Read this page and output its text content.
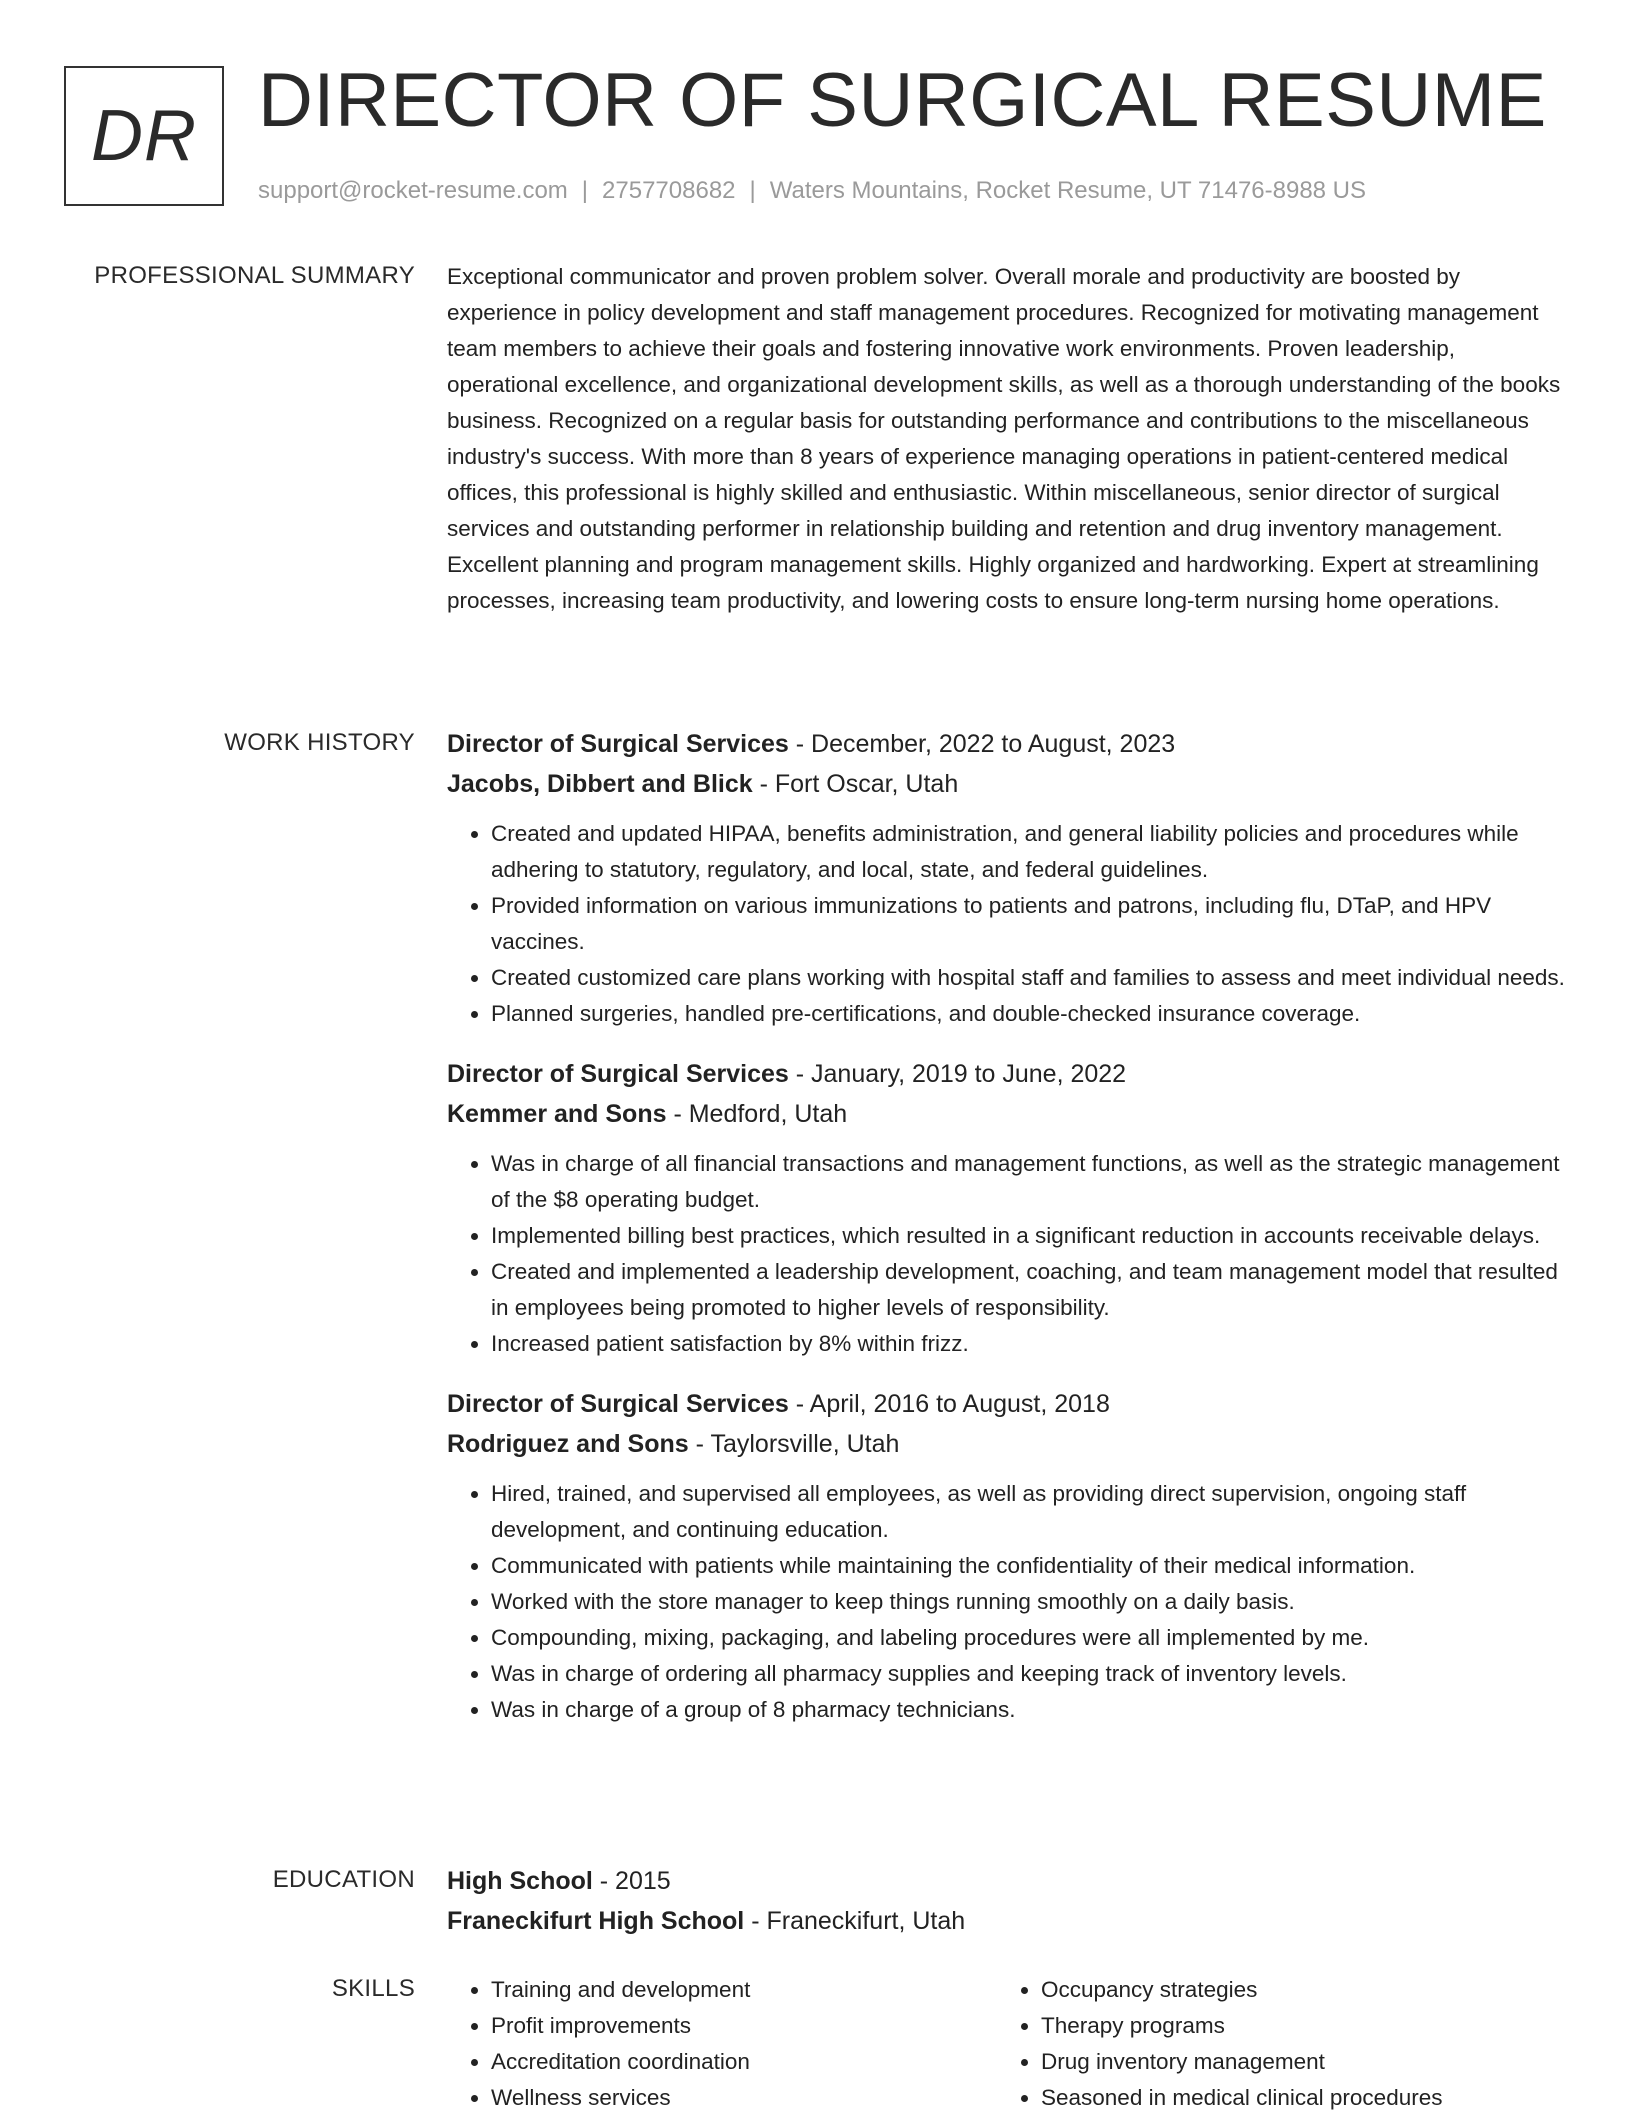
DR DIRECTOR OF SURGICAL RESUME
support@rocket-resume.com | 2757708682 | Waters Mountains, Rocket Resume, UT 71476-8988 US
PROFESSIONAL SUMMARY Exceptional communicator and proven problem solver. Overall morale and productivity are boosted by experience in policy development and staff management procedures. Recognized for motivating management team members to achieve their goals and fostering innovative work environments. Proven leadership, operational excellence, and organizational development skills, as well as a thorough understanding of the books business. Recognized on a regular basis for outstanding performance and contributions to the miscellaneous industry's success. With more than 8 years of experience managing operations in patient-centered medical offices, this professional is highly skilled and enthusiastic. Within miscellaneous, senior director of surgical services and outstanding performer in relationship building and retention and drug inventory management. Excellent planning and program management skills. Highly organized and hardworking. Expert at streamlining processes, increasing team productivity, and lowering costs to ensure long-term nursing home operations.

WORK HISTORY Director of Surgical Services - December, 2022 to August, 2023
Jacobs, Dibbert and Blick - Fort Oscar, Utah
• Created and updated HIPAA, benefits administration, and general liability policies and procedures while adhering to statutory, regulatory, and local, state, and federal guidelines.
• Provided information on various immunizations to patients and patrons, including flu, DTaP, and HPV vaccines.
• Created customized care plans working with hospital staff and families to assess and meet individual needs.
• Planned surgeries, handled pre-certifications, and double-checked insurance coverage.
Director of Surgical Services - January, 2019 to June, 2022
Kemmer and Sons - Medford, Utah
• Was in charge of all financial transactions and management functions, as well as the strategic management of the $8 operating budget.
• Implemented billing best practices, which resulted in a significant reduction in accounts receivable delays.
• Created and implemented a leadership development, coaching, and team management model that resulted in employees being promoted to higher levels of responsibility.
• Increased patient satisfaction by 8% within frizz.
Director of Surgical Services - April, 2016 to August, 2018
Rodriguez and Sons - Taylorsville, Utah
• Hired, trained, and supervised all employees, as well as providing direct supervision, ongoing staff development, and continuing education.
• Communicated with patients while maintaining the confidentiality of their medical information.
• Worked with the store manager to keep things running smoothly on a daily basis.
• Compounding, mixing, packaging, and labeling procedures were all implemented by me.
• Was in charge of ordering all pharmacy supplies and keeping track of inventory levels.
• Was in charge of a group of 8 pharmacy technicians.
EDUCATION High School - 2015
Franeckifurt High School - Franeckifurt, Utah
SKILLS
•	Training and development
• Profit improvements
• Accreditation coordination
• Wellness services
• Occupancy strategies
• Therapy programs
• Drug inventory management
• Seasoned in medical clinical procedures
